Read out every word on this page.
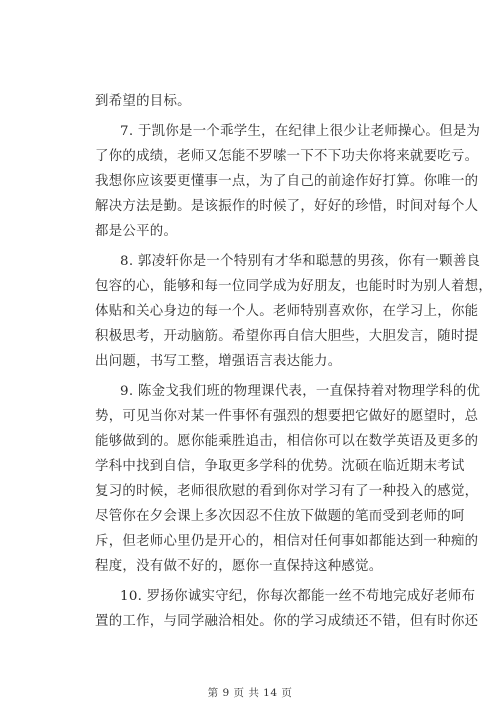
到希望的目标。
7. 于凯你是一个乖学生，在纪律上很少让老师操心。但是为
了你的成绩，老师又怎能不罗嗦一下不下功夫你将来就要吃亏。
我想你应该要更懂事一点，为了自己的前途作好打算。你唯一的
解决方法是勤。是该振作的时候了，好好的珍惜，时间对每个人
都是公平的。
8. 郭凌轩你是一个特别有才华和聪慧的男孩，你有一颗善良
包容的心，能够和每一位同学成为好朋友，也能时时为别人着想，
体贴和关心身边的每一个人。老师特别喜欢你，在学习上，你能
积极思考，开动脑筋。希望你再自信大胆些，大胆发言，随时提
出问题，书写工整，增强语言表达能力。
9. 陈金戈我们班的物理课代表，一直保持着对物理学科的优
势，可见当你对某一件事怀有强烈的想要把它做好的愿望时，总
能够做到的。愿你能乘胜追击，相信你可以在数学英语及更多的
学科中找到自信，争取更多学科的优势。沈硕在临近期末考试
复习的时候，老师很欣慰的看到你对学习有了一种投入的感觉，
尽管你在夕会课上多次因忍不住放下做题的笔而受到老师的呵
斥，但老师心里仍是开心的，相信对任何事如都能达到一种痴的
程度，没有做不好的，愿你一直保持这种感觉。
10. 罗扬你诚实守纪，你每次都能一丝不苟地完成好老师布
置的工作，与同学融洽相处。你的学习成绩还不错，但有时你还
第 9 页 共 14 页
